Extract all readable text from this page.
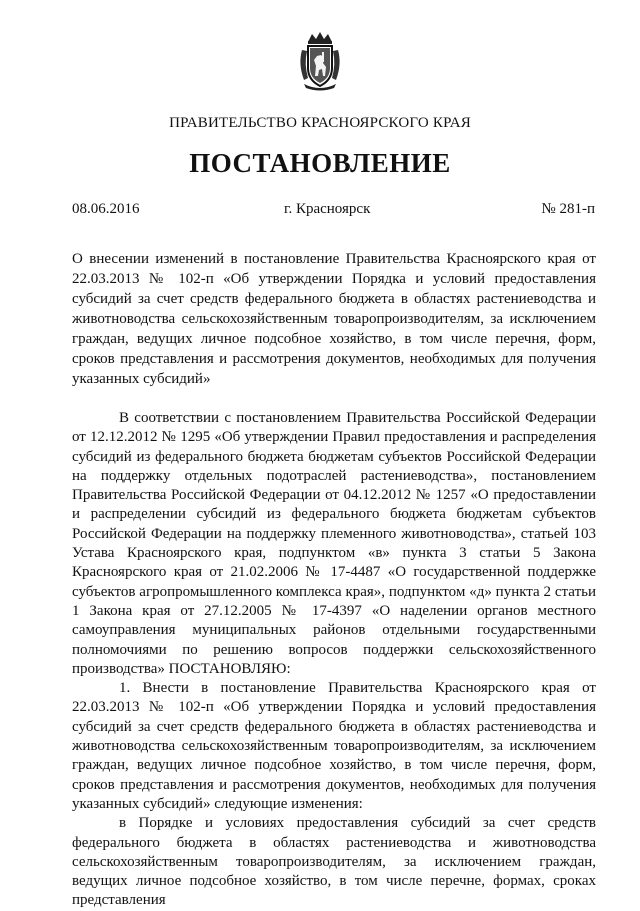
ПРАВИТЕЛЬСТВО КРАСНОЯРСКОГО КРАЯ
ПОСТАНОВЛЕНИЕ
08.06.2016	г. Красноярск	№ 281-п
О внесении изменений в постановление Правительства Красноярского края от 22.03.2013 № 102-п «Об утверждении Порядка и условий предоставления субсидий за счет средств федерального бюджета в областях растениеводства и животноводства сельскохозяйственным товаропроизводителям, за исключением граждан, ведущих личное подсобное хозяйство, в том числе перечня, форм, сроков представления и рассмотрения документов, необходимых для получения указанных субсидий»

В соответствии с постановлением Правительства Российской Федерации от 12.12.2012 № 1295 «Об утверждении Правил предоставления и распределения субсидий из федерального бюджета бюджетам субъектов Российской Федерации на поддержку отдельных подотраслей растениеводства», постановлением Правительства Российской Федерации от 04.12.2012 № 1257 «О предоставлении и распределении субсидий из федерального бюджета бюджетам субъектов Российской Федерации на поддержку племенного животноводства», статьей 103 Устава Красноярского края, подпунктом «в» пункта 3 статьи 5 Закона Красноярского края от 21.02.2006 № 17-4487 «О государственной поддержке субъектов агропромышленного комплекса края», подпунктом «д» пункта 2 статьи 1 Закона края от 27.12.2005 № 17-4397 «О наделении органов местного самоуправления муниципальных районов отдельными государственными полномочиями по решению вопросов поддержки сельскохозяйственного производства» ПОСТАНОВЛЯЮ:

1. Внести в постановление Правительства Красноярского края от 22.03.2013 № 102-п «Об утверждении Порядка и условий предоставления субсидий за счет средств федерального бюджета в областях растениеводства и животноводства сельскохозяйственным товаропроизводителям, за исключением граждан, ведущих личное подсобное хозяйство, в том числе перечня, форм, сроков представления и рассмотрения документов, необходимых для получения указанных субсидий» следующие изменения:

в Порядке и условиях предоставления субсидий за счет средств федерального бюджета в областях растениеводства и животноводства сельскохозяйственным товаропроизводителям, за исключением граждан, ведущих личное подсобное хозяйство, в том числе перечне, формах, сроках представления
